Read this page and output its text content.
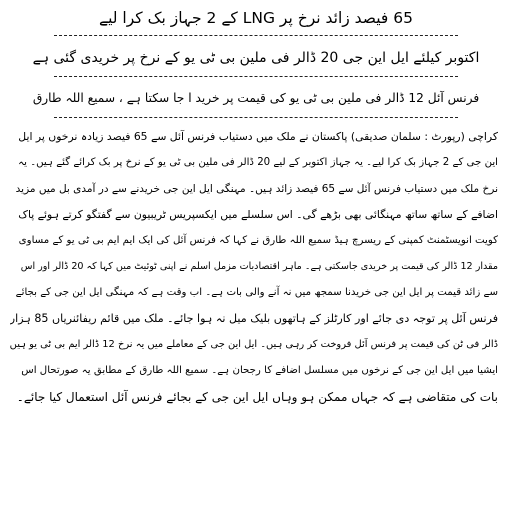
65 فیصد زائد نرخ پر LNG کے 2 جہاز بک کرا لیے
اکتوبر کیلئے ایل این جی 20 ڈالر فی ملین بی ٹی یو کے نرخ پر خریدی گئی ہے
فرنس آئل 12 ڈالر فی ملین بی ٹی یو کی قیمت پر خرید ا جا سکتا ہے ، سمیع اللہ طارق
کراچی (رپورٹ : سلمان صدیقی) پاکستان نے ملک میں دستیاب فرنس آئل سے 65 فیصد زیادہ نرخوں پر ایل
این جی کے 2 جہاز بک کرا لیے۔ یہ جہاز اکتوبر کے لیے 20 ڈالر فی ملین بی ٹی یو کے نرخ پر بک کرائے گئے ہیں۔ یہ
نرخ ملک میں دستیاب فرنس آئل سے 65 فیصد زائد ہیں۔ مہنگی ایل این جی خریدنے سے در آمدی بل میں مزید
اضافے کے ساتھ ساتھ مہنگائی بھی بڑھے گی۔ اس سلسلے میں ایکسپریس ٹریبیون سے گفتگو کرتے ہوئے پاک
کویت انویسٹمنٹ کمپنی کے ریسرچ ہیڈ سمیع اللہ طارق نے کہا کہ فرنس آئل کی ایک ایم ایم بی ٹی یو کے مساوی
مقدار 12 ڈالر کی قیمت پر خریدی جاسکتی ہے۔ ماہر اقتصادیات مزمل اسلم نے اپنی ٹوئیٹ میں کہا کہ 20 ڈالر اور اس
سے زائد قیمت پر ایل این جی خریدنا سمجھ میں نہ آنے والی بات ہے۔ اب وقت ہے کہ مہنگی ایل این جی کے بجائے
فرنس آئل پر توجہ دی جائے اور کارٹلز کے ہاتھوں بلیک میل نہ ہوا جائے۔ ملک میں قائم ریفائنریاں 85 ہزار
ڈالر فی ٹن کی قیمت پر فرنس آئل فروخت کر رہی ہیں۔ ایل این جی کے معاملے میں یہ نرخ 12 ڈالر ایم بی ٹی یو ہیں
ایشیا میں ایل این جی کے نرخوں میں مسلسل اضافے کا رجحان ہے۔ سمیع اللہ طارق کے مطابق یہ صورتحال اس
بات کی متقاضی ہے کہ جہاں ممکن ہو وہاں ایل این جی کے بجائے فرنس آئل استعمال کیا جائے۔
